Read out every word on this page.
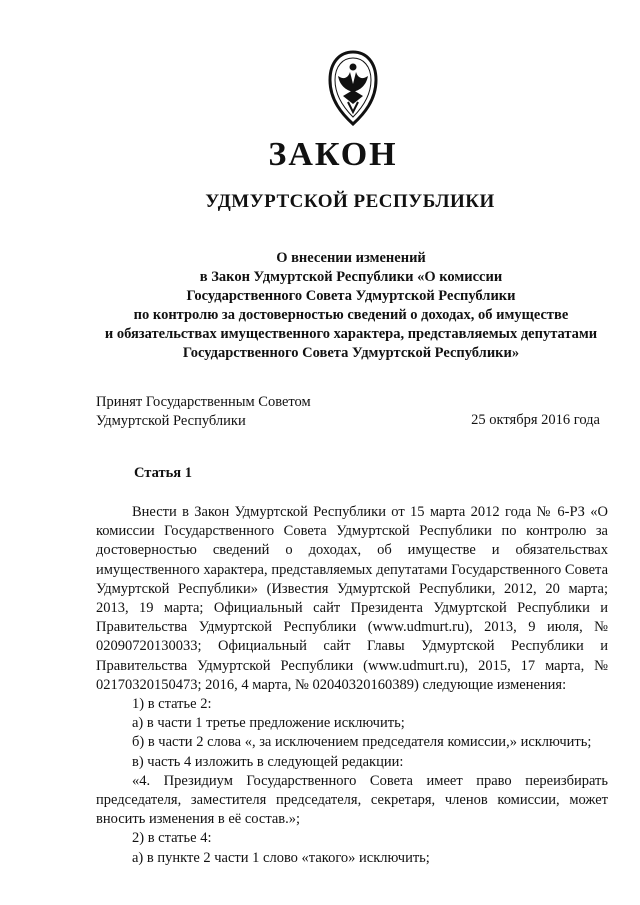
ЗАКОН
УДМУРТСКОЙ РЕСПУБЛИКИ
О внесении изменений
в Закон Удмуртской Республики «О комиссии
Государственного Совета Удмуртской Республики
по контролю за достоверностью сведений о доходах, об имуществе
и обязательствах имущественного характера, представляемых депутатами
Государственного Совета Удмуртской Республики»
Принят Государственным Советом
Удмуртской Республики	25 октября 2016 года
Статья 1

Внести в Закон Удмуртской Республики от 15 марта 2012 года № 6-РЗ «О комиссии Государственного Совета Удмуртской Республики по контролю за достоверностью сведений о доходах, об имуществе и обязательствах имущественного характера, представляемых депутатами Государственного Совета Удмуртской Республики» (Известия Удмуртской Республики, 2012, 20 марта; 2013, 19 марта; Официальный сайт Президента Удмуртской Республики и Правительства Удмуртской Республики (www.udmurt.ru), 2013, 9 июля, № 02090720130033; Официальный сайт Главы Удмуртской Республики и Правительства Удмуртской Республики (www.udmurt.ru), 2015, 17 марта, № 02170320150473; 2016, 4 марта, № 02040320160389) следующие изменения:

1) в статье 2:

а) в части 1 третье предложение исключить;

б) в части 2 слова «, за исключением председателя комиссии,» исключить;

в) часть 4 изложить в следующей редакции:

«4. Президиум Государственного Совета имеет право переизбирать председателя, заместителя председателя, секретаря, членов комиссии, может вносить изменения в её состав.»;

2) в статье 4:

а) в пункте 2 части 1 слово «такого» исключить;
